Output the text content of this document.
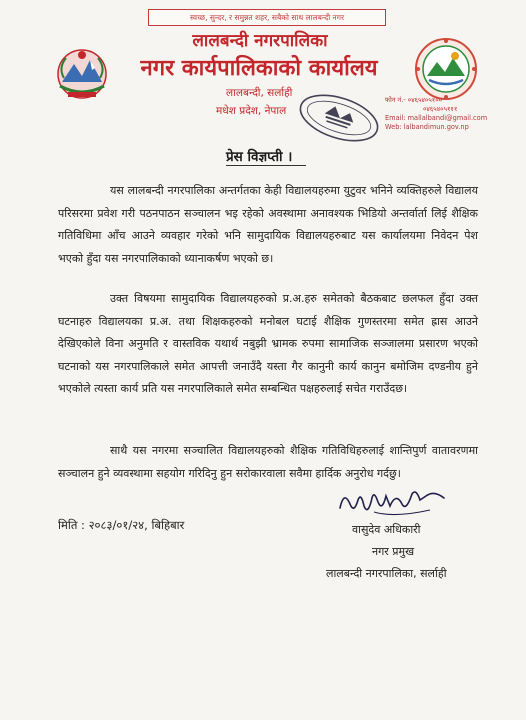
स्वच्छ, सुन्दर, र समुन्नत शहर, सबैको साथ लालबन्दी नगर
लालबन्दी नगरपालिका
नगर कार्यपालिकाको कार्यालय
लालबन्दी, सर्लाही
मधेश प्रदेश, नेपाल
फोन नं.- ०४६५४०५१००
०४६५४०५१११
Email: mallalbandi@gmail.com
Web: lalbandimun.gov.np
प्रेस विज्ञप्ती ।
यस लालबन्दी नगरपालिका अन्तर्गतका केही विद्यालयहरुमा युटुवर भनिने व्यक्तिहरुले विद्यालय परिसरमा प्रवेश गरी पठनपाठन सञ्चालन भइ रहेको अवस्थामा अनावश्यक भिडियो अन्तर्वार्ता लिई शैक्षिक गतिविधिमा आँच आउने व्यवहार गरेको भनि सामुदायिक विद्यालयहरुबाट यस कार्यालयमा निवेदन पेश भएको हुँदा यस नगरपालिकाको ध्यानाकर्षण भएको छ।
उक्त विषयमा सामुदायिक विद्यालयहरुको प्र.अ.हरु समेतको बैठकबाट छलफल हुँदा उक्त घटनाहरु विद्यालयका प्र.अ. तथा शिक्षकहरुको मनोबल घटाई शैक्षिक गुणस्तरमा समेत ह्रास आउने देखिएकोले विना अनुमति र वास्तविक यथार्थ नबुझी भ्रामक रुपमा सामाजिक सञ्जालमा प्रसारण भएको घटनाको यस नगरपालिकाले समेत आपत्ती जनाउँदै यस्ता गैर कानुनी कार्य कानुन बमोजिम दण्डनीय हुने भएकोले त्यस्ता कार्य प्रति यस नगरपालिकाले समेत सम्बन्धित पक्षहरुलाई सचेत गराउँदछ।
साथै यस नगरमा सञ्चालित विद्यालयहरुको शैक्षिक गतिविधिहरुलाई शान्तिपुर्ण वातावरणमा सञ्चालन हुने व्यवस्थामा सहयोग गरिदिनु हुन सरोकारवाला सवैमा हार्दिक अनुरोध गर्दछु।
मिति : २०८३/०१/२४, बिहिबार	वासुदेव अधिकारी
नगर प्रमुख
लालबन्दी नगरपालिका, सर्लाही
